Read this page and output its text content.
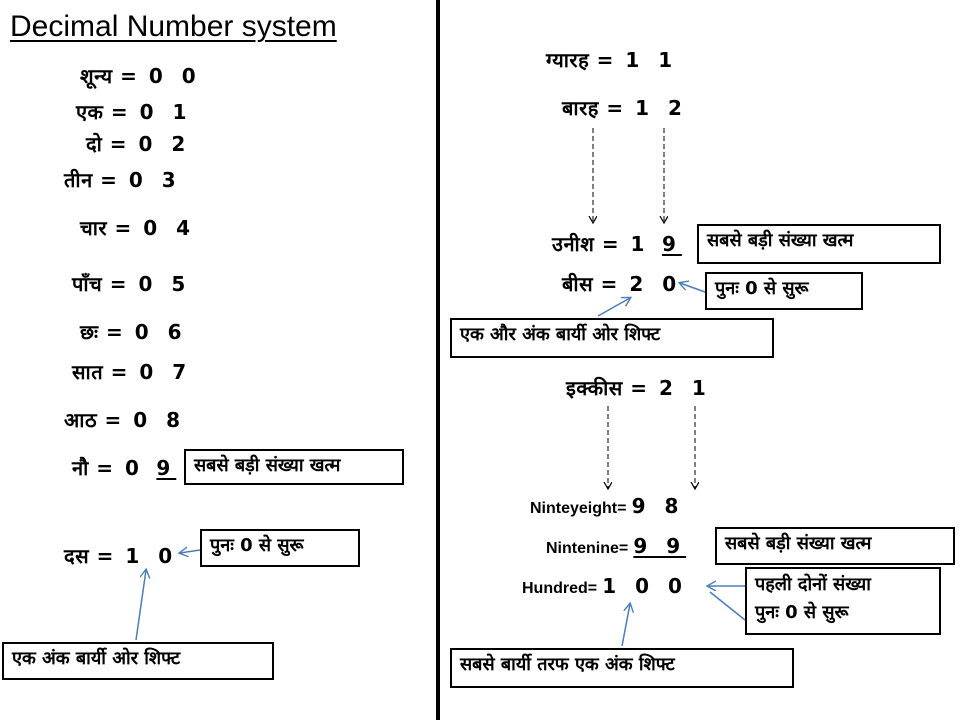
Decimal Number system
शून्य = 0 0
एक = 0 1
दो = 0 2
तीन = 0 3
चार = 0 4
पाँच = 0 5
छः = 0 6
सात = 0 7
आठ = 0 8
नौ = 0 9
दस = 1 0
सबसे बड़ी संख्या खत्म
पुनः 0 से सुरू
एक अंक बार्यी ओर शिफ्ट
ग्यारह = 1 1
बारह = 1 2
उनीश = 1 9
बीस = 2 0
इक्कीस = 2 1
Ninteyeight= 9 8
Nintenine= 9 9
Hundred= 1 0 0
सबसे बड़ी संख्या खत्म
पुनः 0 से सुरू
एक और अंक बार्यी ओर शिफ्ट
सबसे बड़ी संख्या खत्म
पहली दोनों संख्या
पुनः 0 से सुरू
सबसे बार्यी तरफ एक अंक शिफ्ट
